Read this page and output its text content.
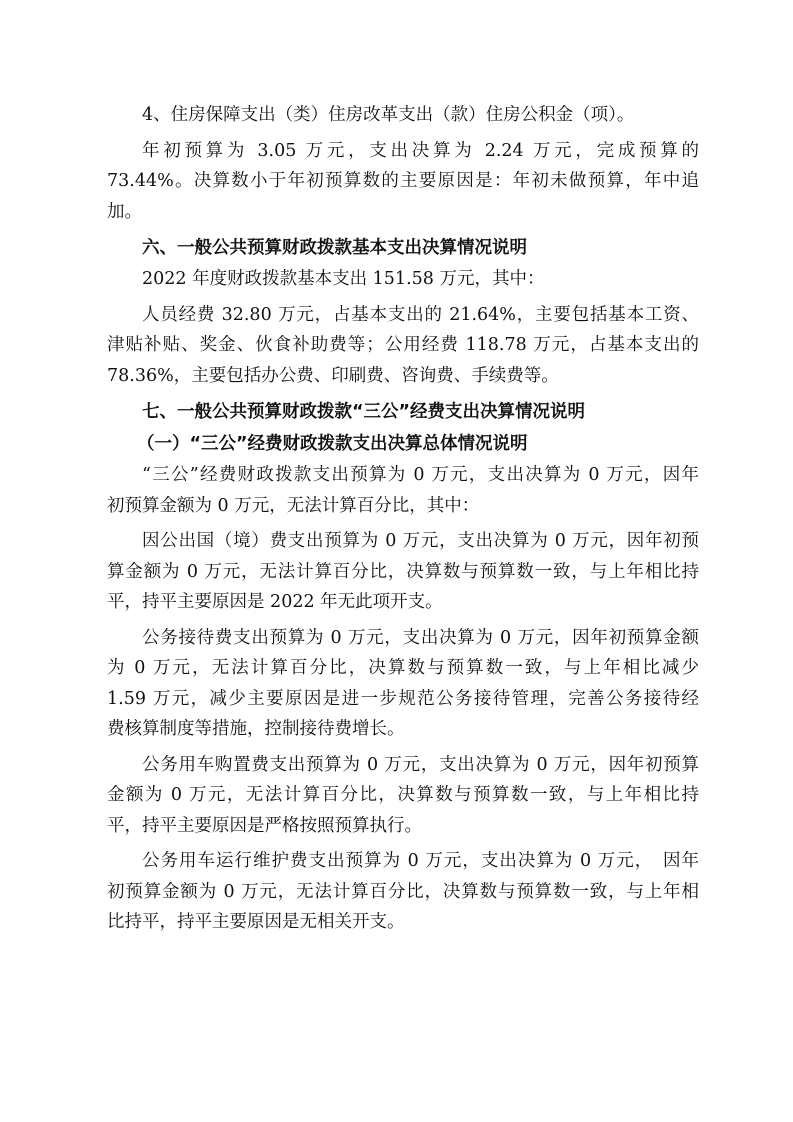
4、住房保障支出（类）住房改革支出（款）住房公积金（项）。
年初预算为 3.05 万元，支出决算为 2.24 万元，完成预算的
73.44%。决算数小于年初预算数的主要原因是：年初未做预算，年中追
加。
六、一般公共预算财政拨款基本支出决算情况说明
2022 年度财政拨款基本支出 151.58 万元，其中：
人员经费 32.80 万元，占基本支出的 21.64%，主要包括基本工资、
津贴补贴、奖金、伙食补助费等；公用经费 118.78 万元，占基本支出的
78.36%，主要包括办公费、印刷费、咨询费、手续费等。
七、一般公共预算财政拨款“三公”经费支出决算情况说明
（一）“三公”经费财政拨款支出决算总体情况说明
“三公”经费财政拨款支出预算为 0 万元，支出决算为 0 万元，因年
初预算金额为 0 万元，无法计算百分比，其中：
因公出国（境）费支出预算为 0 万元，支出决算为 0 万元，因年初预
算金额为 0 万元，无法计算百分比，决算数与预算数一致，与上年相比持
平，持平主要原因是 2022 年无此项开支。
公务接待费支出预算为 0 万元，支出决算为 0 万元，因年初预算金额
为 0 万元，无法计算百分比，决算数与预算数一致，与上年相比减少
1.59 万元，减少主要原因是进一步规范公务接待管理，完善公务接待经
费核算制度等措施，控制接待费增长。
公务用车购置费支出预算为 0 万元，支出决算为 0 万元，因年初预算
金额为 0 万元，无法计算百分比，决算数与预算数一致，与上年相比持
平，持平主要原因是严格按照预算执行。
公务用车运行维护费支出预算为 0 万元，支出决算为 0 万元，　因年
初预算金额为 0 万元，无法计算百分比，决算数与预算数一致，与上年相
比持平，持平主要原因是无相关开支。
